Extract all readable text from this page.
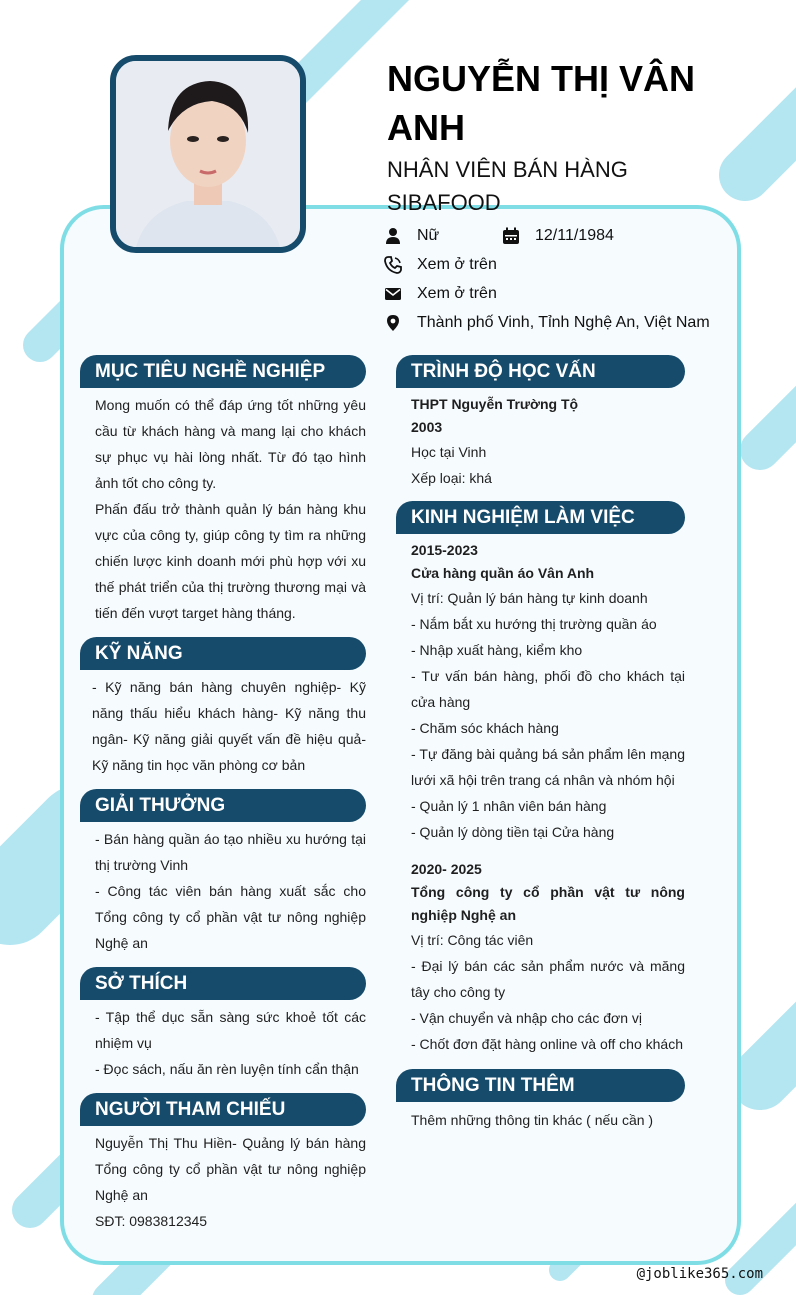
NGUYỄN THỊ VÂN ANH
NHÂN VIÊN BÁN HÀNG SIBAFOOD
Nữ	12/11/1984
Xem ở trên
Xem ở trên
Thành phố Vinh, Tỉnh Nghệ An, Việt Nam
MỤC TIÊU NGHỀ NGHIỆP

Mong muốn có thể đáp ứng tốt những yêu cầu từ khách hàng và mang lại cho khách sự phục vụ hài lòng nhất. Từ đó tạo hình ảnh tốt cho công ty.

Phấn đấu trở thành quản lý bán hàng khu vực của công ty, giúp công ty tìm ra những chiến lược kinh doanh mới phù hợp với xu thế phát triển của thị trường thương mại và tiến đến vượt target hàng tháng.

KỸ NĂNG

- Kỹ năng bán hàng chuyên nghiệp- Kỹ năng thấu hiểu khách hàng- Kỹ năng thu ngân- Kỹ năng giải quyết vấn đề hiệu quả- Kỹ năng tin học văn phòng cơ bản

GIẢI THƯỞNG

- Bán hàng quần áo tạo nhiều xu hướng tại thị trường Vinh

- Công tác viên bán hàng xuất sắc cho Tổng công ty cổ phần vật tư nông nghiệp Nghệ an

SỞ THÍCH

- Tập thể dục sẵn sàng sức khoẻ tốt các nhiệm vụ

- Đọc sách, nấu ăn rèn luyện tính cẩn thận

NGƯỜI THAM CHIẾU

Nguyễn Thị Thu Hiền- Quảng lý bán hàng Tổng công ty cổ phần vật tư nông nghiệp Nghệ an

SĐT: 0983812345

TRÌNH ĐỘ HỌC VẤN

THPT Nguyễn Trường Tộ

2003

Học tại Vinh

Xếp loại: khá

KINH NGHIỆM LÀM VIỆC

2015-2023

Cửa hàng quần áo Vân Anh

Vị trí: Quản lý bán hàng tự kinh doanh

- Nắm bắt xu hướng thị trường quần áo

- Nhập xuất hàng, kiểm kho

- Tư vấn bán hàng, phối đồ cho khách tại cửa hàng

- Chăm sóc khách hàng

- Tự đăng bài quảng bá sản phẩm lên mạng lưới xã hội trên trang cá nhân và nhóm hội

- Quản lý 1 nhân viên bán hàng

- Quản lý dòng tiền tại Cửa hàng

2020- 2025

Tổng công ty cổ phần vật tư nông nghiệp Nghệ an

Vị trí: Công tác viên

- Đại lý bán các sản phẩm nước và măng tây cho công ty

- Vận chuyển và nhập cho các đơn vị

- Chốt đơn đặt hàng online và off cho khách

THÔNG TIN THÊM

Thêm những thông tin khác ( nếu cần )

@joblike365.com
